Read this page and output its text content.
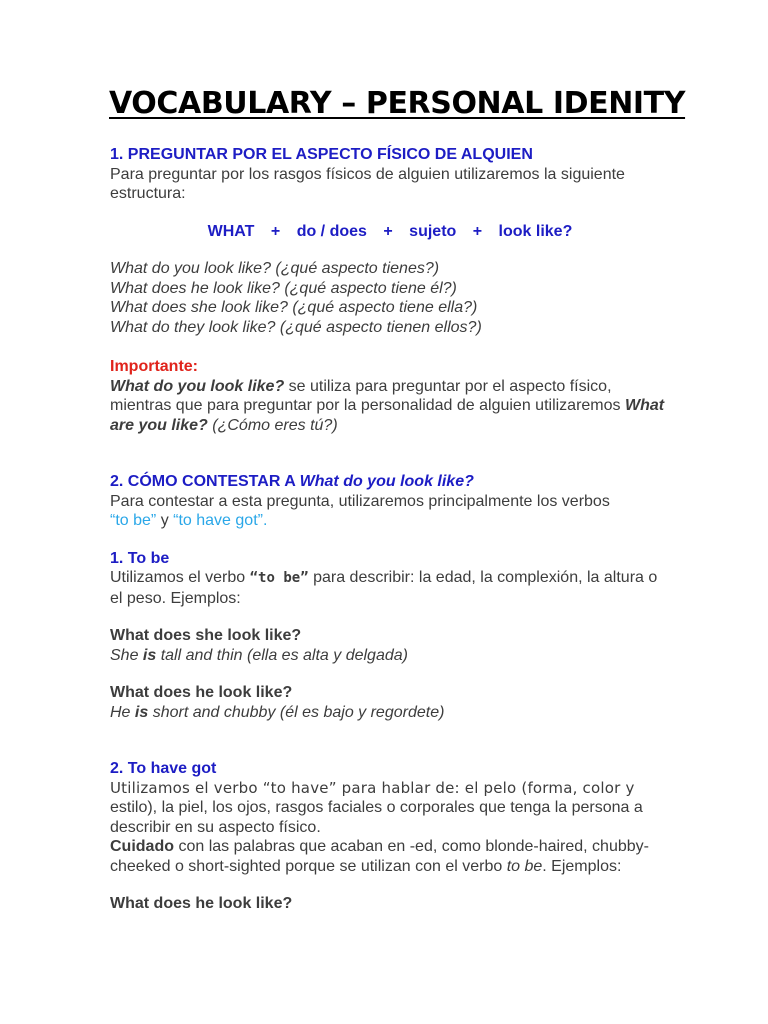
VOCABULARY – PERSONAL IDENITY

1. PREGUNTAR POR EL ASPECTO FÍSICO DE ALQUIEN

Para preguntar por los rasgos físicos de alguien utilizaremos la siguiente estructura:

WHAT + do / does + sujeto + look like?

What do you look like? (¿qué aspecto tienes?)

What does he look like? (¿qué aspecto tiene él?)

What does she look like? (¿qué aspecto tiene ella?)

What do they look like? (¿qué aspecto tienen ellos?)

Importante:

What do you look like? se utiliza para preguntar por el aspecto físico, mientras que para preguntar por la personalidad de alguien utilizaremos What are you like? (¿Cómo eres tú?)

2. CÓMO CONTESTAR A What do you look like?

Para contestar a esta pregunta, utilizaremos principalmente los verbos

“to be” y “to have got”.

1. To be

Utilizamos el verbo “to be” para describir: la edad, la complexión, la altura o el peso. Ejemplos:

What does she look like?

She is tall and thin (ella es alta y delgada)

What does he look like?

He is short and chubby (él es bajo y regordete)

2. To have got

Utilizamos el verbo “to have” para hablar de: el pelo (forma, color y

estilo), la piel, los ojos, rasgos faciales o corporales que tenga la persona a describir en su aspecto físico.

Cuidado con las palabras que acaban en -ed, como blonde-haired, chubby-cheeked o short-sighted porque se utilizan con el verbo to be. Ejemplos:

What does he look like?
